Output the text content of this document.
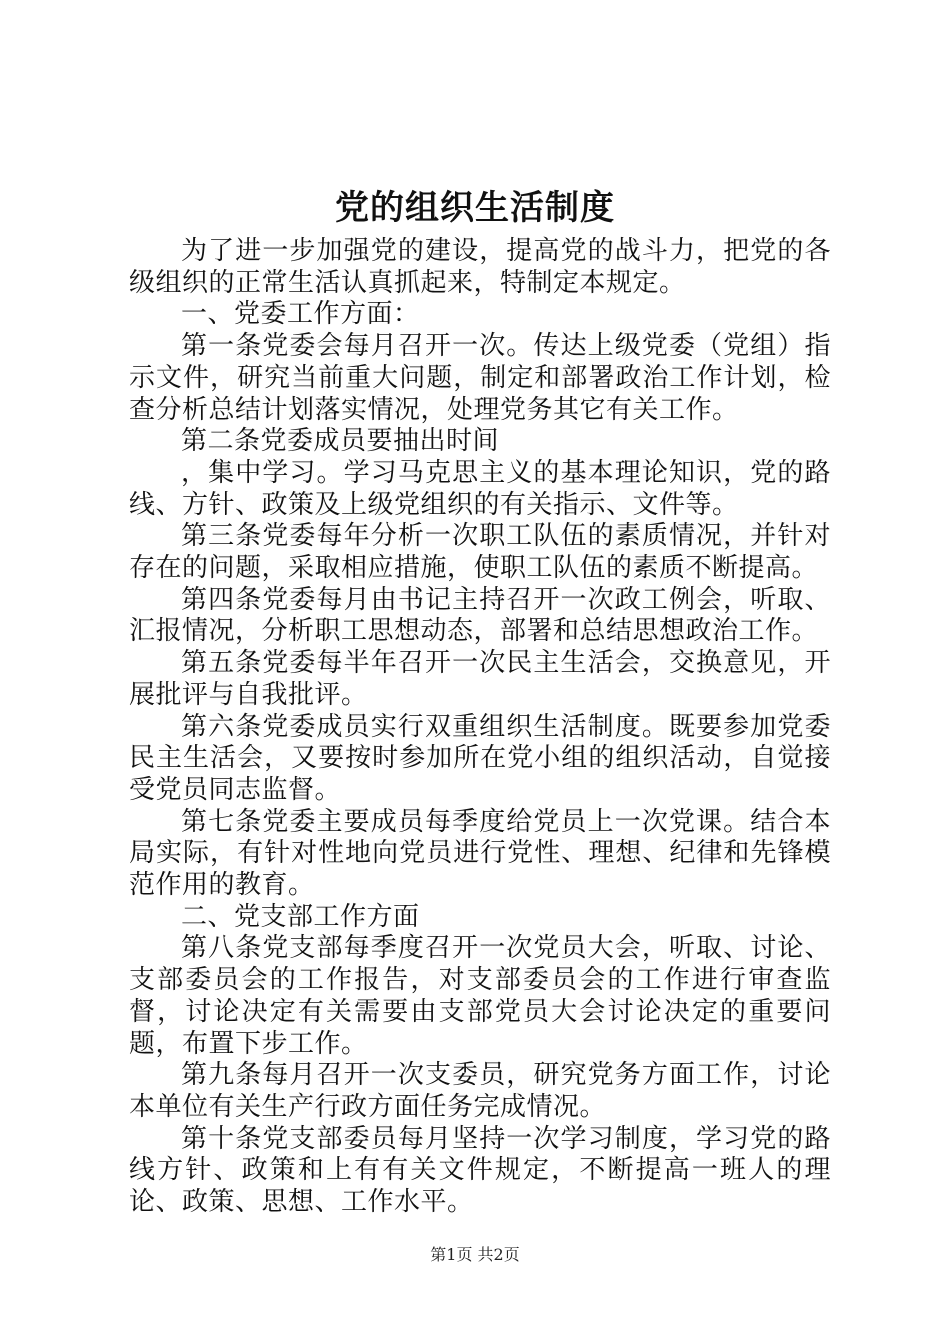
党的组织生活制度

为了进一步加强党的建设，提高党的战斗力，把党的各级组织的正常生活认真抓起来，特制定本规定。

一、党委工作方面：

第一条党委会每月召开一次。传达上级党委（党组）指示文件，研究当前重大问题，制定和部署政治工作计划，检查分析总结计划落实情况，处理党务其它有关工作。

第二条党委成员要抽出时间

，集中学习。学习马克思主义的基本理论知识，党的路线、方针、政策及上级党组织的有关指示、文件等。

第三条党委每年分析一次职工队伍的素质情况，并针对存在的问题，采取相应措施，使职工队伍的素质不断提高。

第四条党委每月由书记主持召开一次政工例会，听取、汇报情况，分析职工思想动态，部署和总结思想政治工作。

第五条党委每半年召开一次民主生活会，交换意见，开展批评与自我批评。

第六条党委成员实行双重组织生活制度。既要参加党委民主生活会，又要按时参加所在党小组的组织活动，自觉接受党员同志监督。

第七条党委主要成员每季度给党员上一次党课。结合本局实际，有针对性地向党员进行党性、理想、纪律和先锋模范作用的教育。

二、党支部工作方面

第八条党支部每季度召开一次党员大会，听取、讨论、支部委员会的工作报告，对支部委员会的工作进行审查监督，讨论决定有关需要由支部党员大会讨论决定的重要问题，布置下步工作。

第九条每月召开一次支委员，研究党务方面工作，讨论本单位有关生产行政方面任务完成情况。

第十条党支部委员每月坚持一次学习制度，学习党的路线方针、政策和上有有关文件规定，不断提高一班人的理论、政策、思想、工作水平。

第1页 共2页
